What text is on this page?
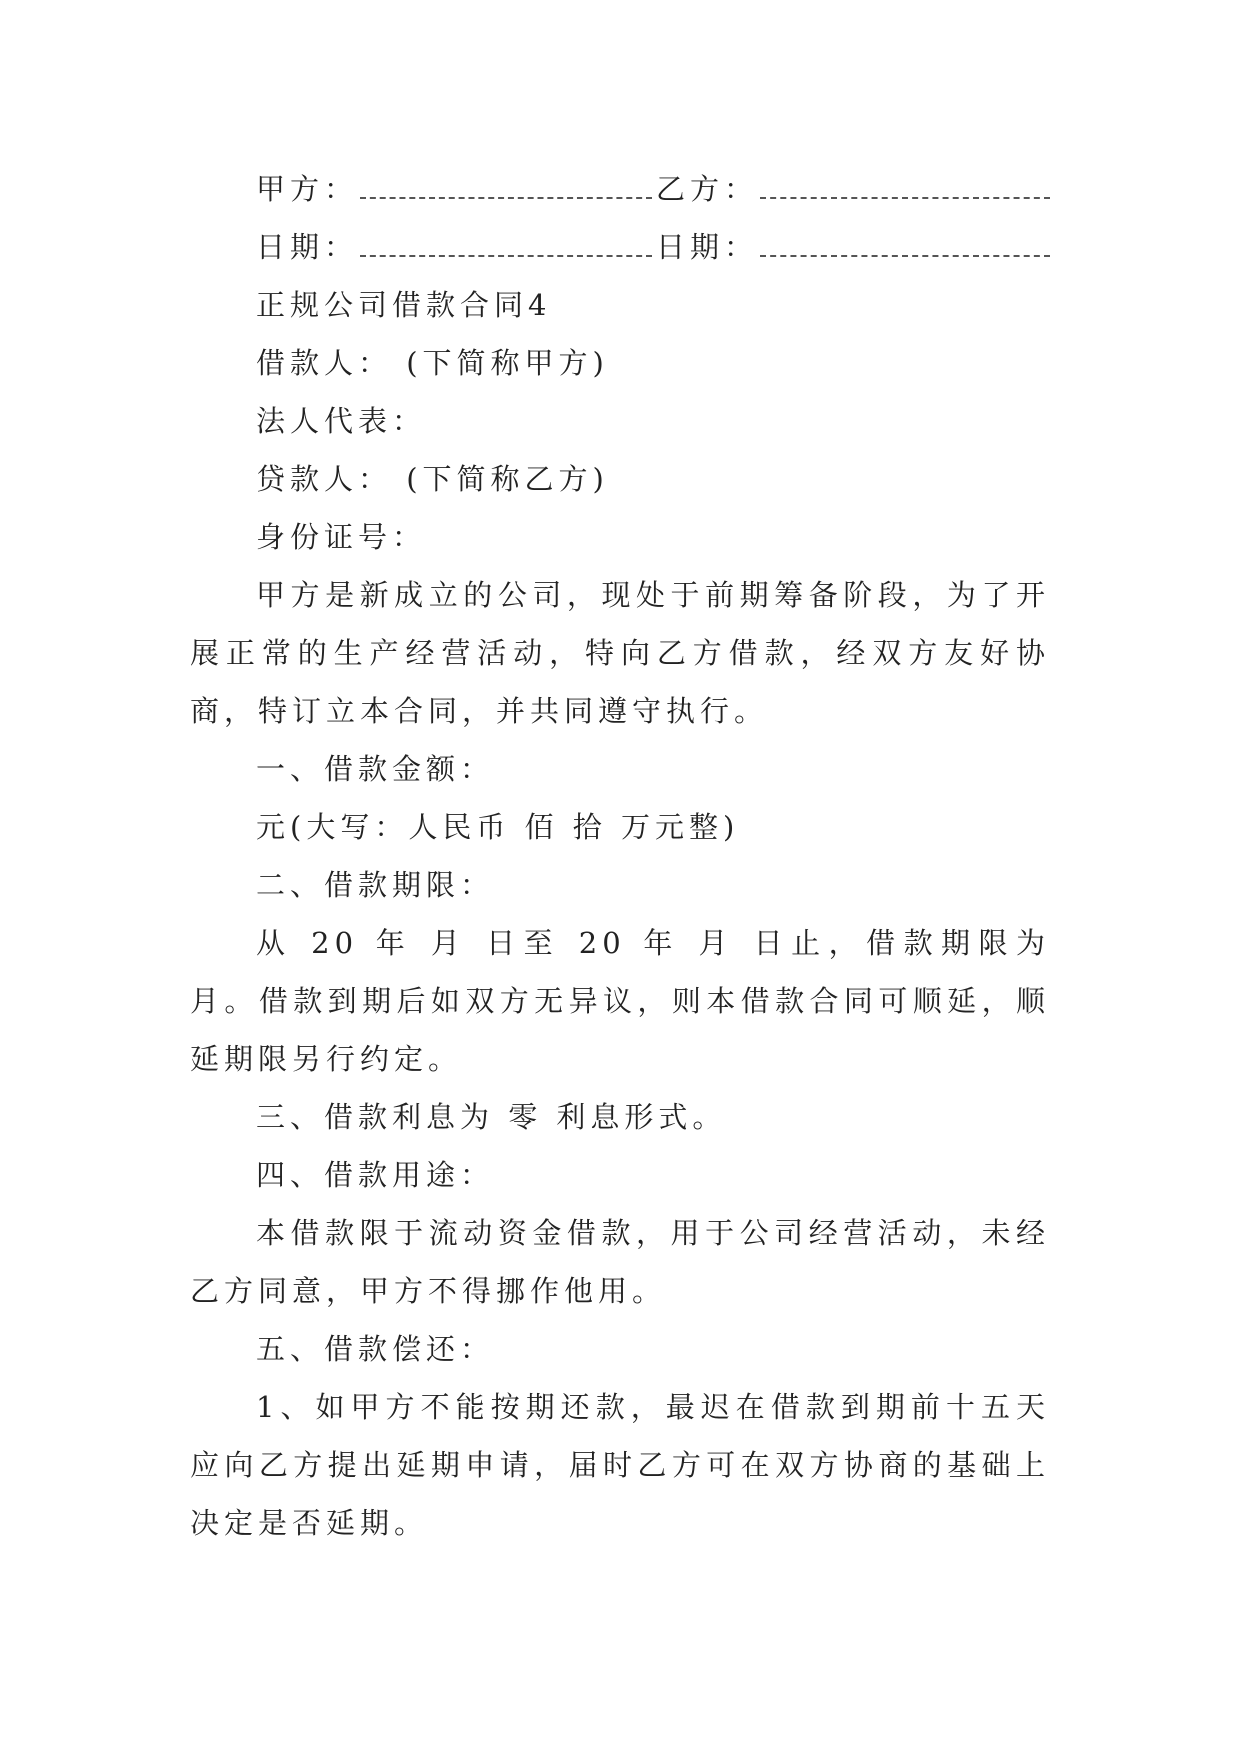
甲方：	乙方：
日期：	日期：

正规公司借款合同4

借款人： (下简称甲方)

法人代表：

贷款人： (下简称乙方)

身份证号：

甲方是新成立的公司，现处于前期筹备阶段，为了开展正常的生产经营活动，特向乙方借款，经双方友好协商，特订立本合同，并共同遵守执行。

一、借款金额：

元(大写：人民币 佰 拾 万元整)

二、借款期限：

从 20 年 月 日至 20 年 月 日止，借款期限为 月。借款到期后如双方无异议，则本借款合同可顺延，顺延期限另行约定。

三、借款利息为 零 利息形式。

四、借款用途：

本借款限于流动资金借款，用于公司经营活动，未经乙方同意，甲方不得挪作他用。

五、借款偿还：

1、如甲方不能按期还款，最迟在借款到期前十五天应向乙方提出延期申请，届时乙方可在双方协商的基础上决定是否延期。
